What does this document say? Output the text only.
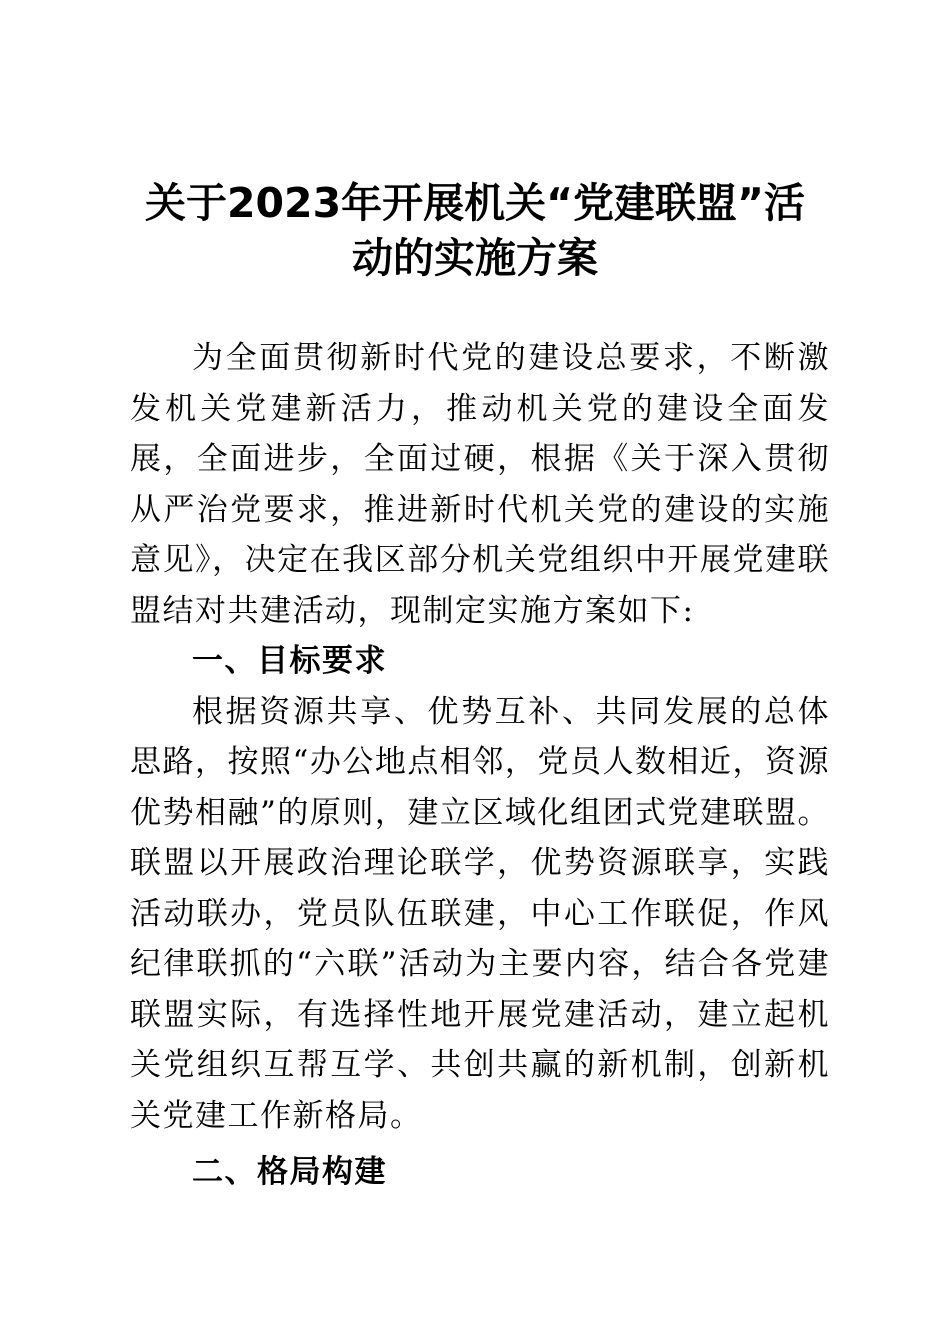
关于2023年开展机关“党建联盟”活
动的实施方案

为全面贯彻新时代党的建设总要求，不断激发机关党建新活力，推动机关党的建设全面发展，全面进步，全面过硬，根据《关于深入贯彻从严治党要求，推进新时代机关党的建设的实施意见》，决定在我区部分机关党组织中开展党建联盟结对共建活动，现制定实施方案如下:

一、目标要求

根据资源共享、优势互补、共同发展的总体思路，按照“办公地点相邻，党员人数相近，资源优势相融”的原则，建立区域化组团式党建联盟。联盟以开展政治理论联学，优势资源联享，实践活动联办，党员队伍联建，中心工作联促，作风纪律联抓的“六联”活动为主要内容，结合各党建联盟实际，有选择性地开展党建活动，建立起机关党组织互帮互学、共创共赢的新机制，创新机关党建工作新格局。

二、格局构建
